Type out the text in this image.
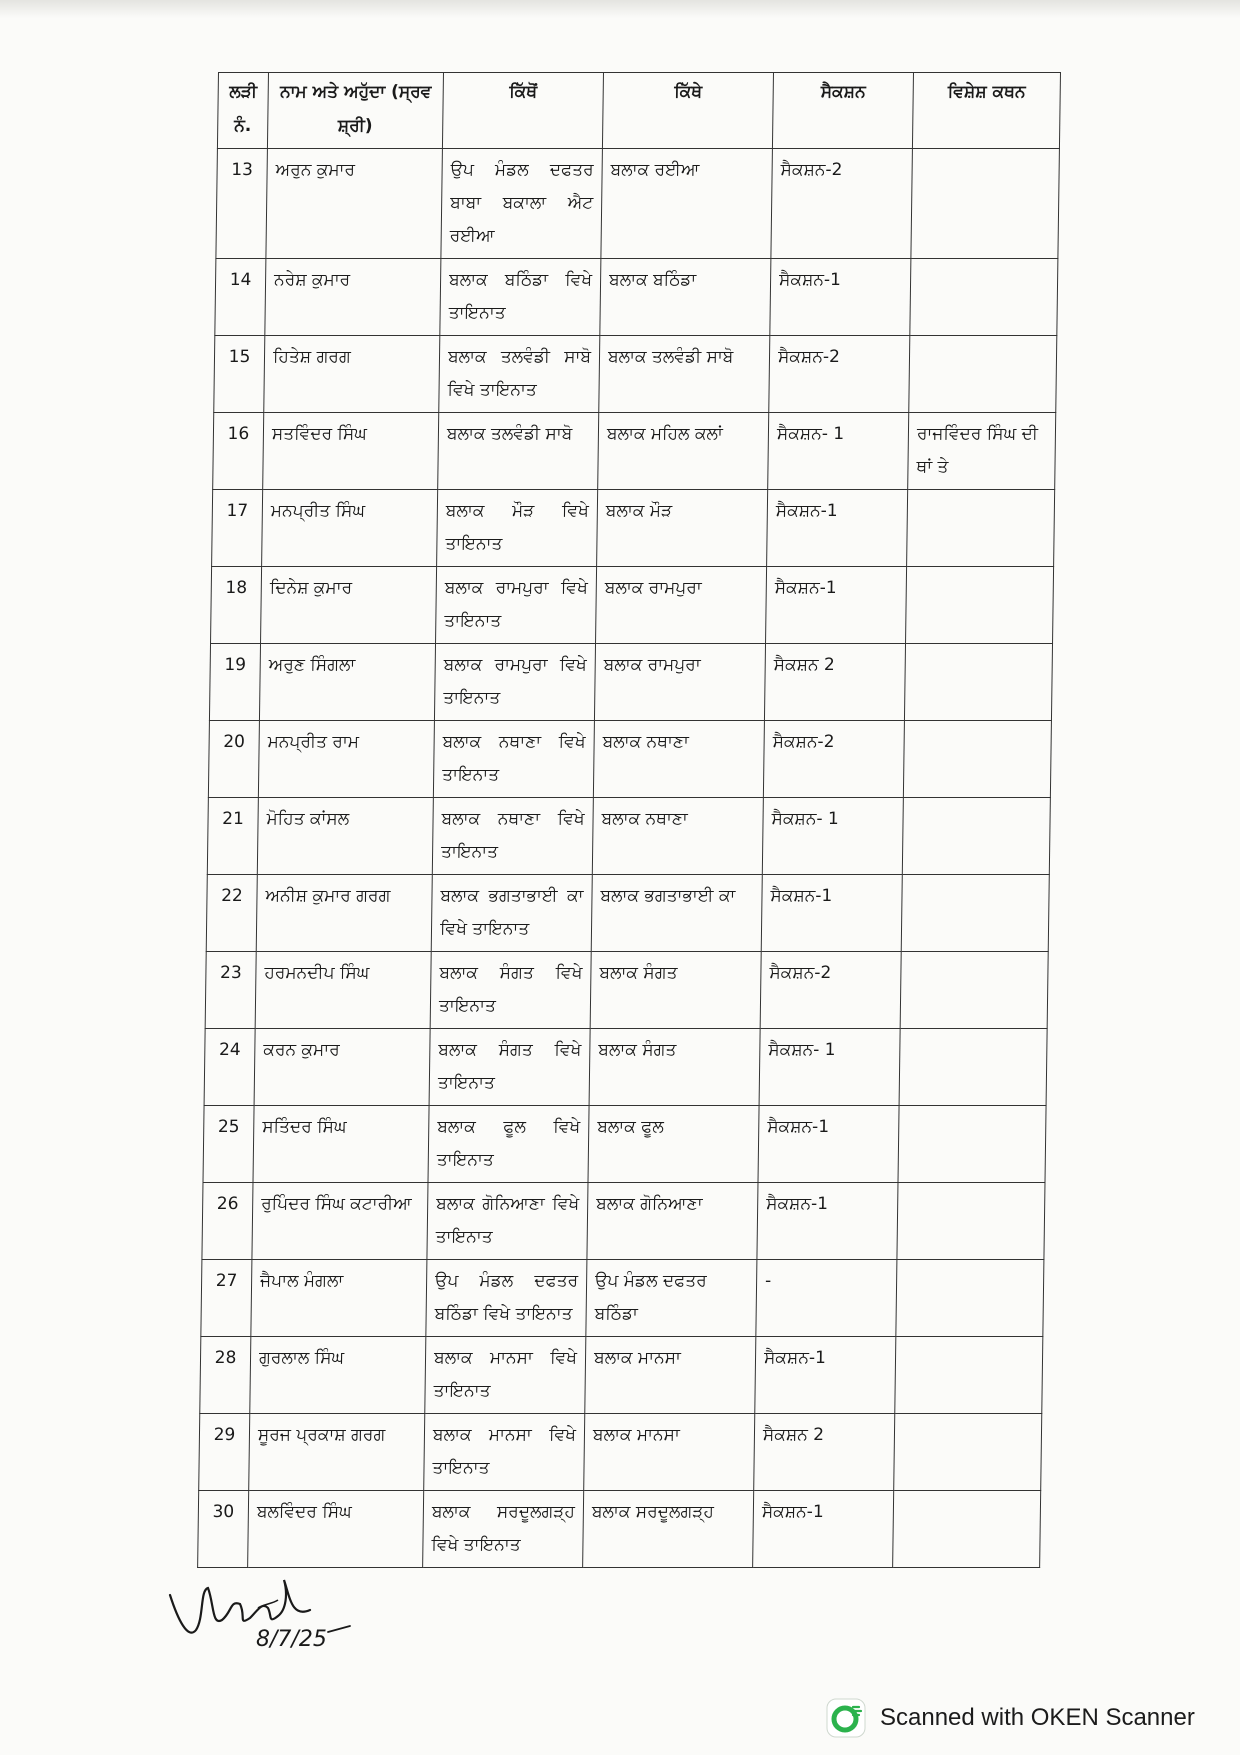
ਲੜੀ ਨੰ.	ਨਾਮ ਅਤੇ ਅਹੁੱਦਾ (ਸ੍ਰਵ ਸ਼੍ਰੀ)	ਕਿੱਥੋਂ	ਕਿੱਥੇ	ਸੈਕਸ਼ਨ	ਵਿਸ਼ੇਸ਼ ਕਥਨ
13	ਅਰੁਨ ਕੁਮਾਰ	ਉਪ ਮੰਡਲ ਦਫਤਰ ਬਾਬਾ ਬਕਾਲਾ ਐਟ ਰਈਆ	ਬਲਾਕ ਰਈਆ	ਸੈਕਸ਼ਨ-2	
14	ਨਰੇਸ਼ ਕੁਮਾਰ	ਬਲਾਕ ਬਠਿੰਡਾ ਵਿਖੇ ਤਾਇਨਾਤ	ਬਲਾਕ ਬਠਿੰਡਾ	ਸੈਕਸ਼ਨ-1	
15	ਹਿਤੇਸ਼ ਗਰਗ	ਬਲਾਕ ਤਲਵੰਡੀ ਸਾਬੋ ਵਿਖੇ ਤਾਇਨਾਤ	ਬਲਾਕ ਤਲਵੰਡੀ ਸਾਬੋ	ਸੈਕਸ਼ਨ-2	
16	ਸਤਵਿੰਦਰ ਸਿੰਘ	ਬਲਾਕ ਤਲਵੰਡੀ ਸਾਬੋ	ਬਲਾਕ ਮਹਿਲ ਕਲਾਂ	ਸੈਕਸ਼ਨ- 1	ਰਾਜਵਿੰਦਰ ਸਿੰਘ ਦੀ ਥਾਂ ਤੇ
17	ਮਨਪ੍ਰੀਤ ਸਿੰਘ	ਬਲਾਕ ਮੌੜ ਵਿਖੇ ਤਾਇਨਾਤ	ਬਲਾਕ ਮੌੜ	ਸੈਕਸ਼ਨ-1	
18	ਦਿਨੇਸ਼ ਕੁਮਾਰ	ਬਲਾਕ ਰਾਮਪੁਰਾ ਵਿਖੇ ਤਾਇਨਾਤ	ਬਲਾਕ ਰਾਮਪੁਰਾ	ਸੈਕਸ਼ਨ-1	
19	ਅਰੁਣ ਸਿੰਗਲਾ	ਬਲਾਕ ਰਾਮਪੁਰਾ ਵਿਖੇ ਤਾਇਨਾਤ	ਬਲਾਕ ਰਾਮਪੁਰਾ	ਸੈਕਸ਼ਨ 2	
20	ਮਨਪ੍ਰੀਤ ਰਾਮ	ਬਲਾਕ ਨਥਾਣਾ ਵਿਖੇ ਤਾਇਨਾਤ	ਬਲਾਕ ਨਥਾਣਾ	ਸੈਕਸ਼ਨ-2	
21	ਮੋਹਿਤ ਕਾਂਸਲ	ਬਲਾਕ ਨਥਾਣਾ ਵਿਖੇ ਤਾਇਨਾਤ	ਬਲਾਕ ਨਥਾਣਾ	ਸੈਕਸ਼ਨ- 1	
22	ਅਨੀਸ਼ ਕੁਮਾਰ ਗਰਗ	ਬਲਾਕ ਭਗਤਾਭਾਈ ਕਾ ਵਿਖੇ ਤਾਇਨਾਤ	ਬਲਾਕ ਭਗਤਾਭਾਈ ਕਾ	ਸੈਕਸ਼ਨ-1	
23	ਹਰਮਨਦੀਪ ਸਿੰਘ	ਬਲਾਕ ਸੰਗਤ ਵਿਖੇ ਤਾਇਨਾਤ	ਬਲਾਕ ਸੰਗਤ	ਸੈਕਸ਼ਨ-2	
24	ਕਰਨ ਕੁਮਾਰ	ਬਲਾਕ ਸੰਗਤ ਵਿਖੇ ਤਾਇਨਾਤ	ਬਲਾਕ ਸੰਗਤ	ਸੈਕਸ਼ਨ- 1	
25	ਸਤਿੰਦਰ ਸਿੰਘ	ਬਲਾਕ ਫੂਲ ਵਿਖੇ ਤਾਇਨਾਤ	ਬਲਾਕ ਫੂਲ	ਸੈਕਸ਼ਨ-1	
26	ਰੁਪਿੰਦਰ ਸਿੰਘ ਕਟਾਰੀਆ	ਬਲਾਕ ਗੋਨਿਆਣਾ ਵਿਖੇ ਤਾਇਨਾਤ	ਬਲਾਕ ਗੋਨਿਆਣਾ	ਸੈਕਸ਼ਨ-1	
27	ਜੈਪਾਲ ਮੰਗਲਾ	ਉਪ ਮੰਡਲ ਦਫਤਰ ਬਠਿੰਡਾ ਵਿਖੇ ਤਾਇਨਾਤ	ਉਪ ਮੰਡਲ ਦਫਤਰ ਬਠਿੰਡਾ	-	
28	ਗੁਰਲਾਲ ਸਿੰਘ	ਬਲਾਕ ਮਾਨਸਾ ਵਿਖੇ ਤਾਇਨਾਤ	ਬਲਾਕ ਮਾਨਸਾ	ਸੈਕਸ਼ਨ-1	
29	ਸੂਰਜ ਪ੍ਰਕਾਸ਼ ਗਰਗ	ਬਲਾਕ ਮਾਨਸਾ ਵਿਖੇ ਤਾਇਨਾਤ	ਬਲਾਕ ਮਾਨਸਾ	ਸੈਕਸ਼ਨ 2	
30	ਬਲਵਿੰਦਰ ਸਿੰਘ	ਬਲਾਕ ਸਰਦੂਲਗੜ੍ਹ ਵਿਖੇ ਤਾਇਨਾਤ	ਬਲਾਕ ਸਰਦੂਲਗੜ੍ਹ	ਸੈਕਸ਼ਨ-1	
8/7/25
Scanned with OKEN Scanner
